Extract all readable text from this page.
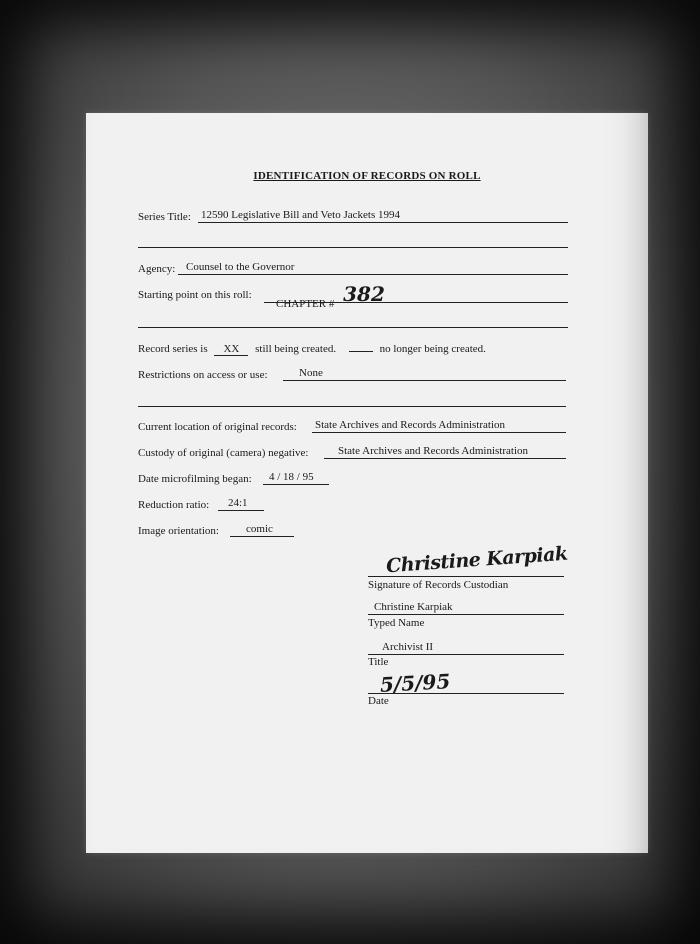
IDENTIFICATION OF RECORDS ON ROLL
Series Title: 12590 Legislative Bill and Veto Jackets 1994
Agency: Counsel to the Governor
Starting point on this roll:
CHAPTER # 382
Record series is XX still being created.	no longer being created.
Restrictions on access or use:	None
Current location of original records: State Archives and Records Administration
Custody of original (camera) negative:	State Archives and Records Administration
Date microfilming began:	4 / 18 / 95
Reduction ratio:	24:1
Image orientation:	comic
Christine Karpiak
Signature of Records Custodian
Christine Karpiak
Typed Name
Archivist II
Title
5/5/95
Date
